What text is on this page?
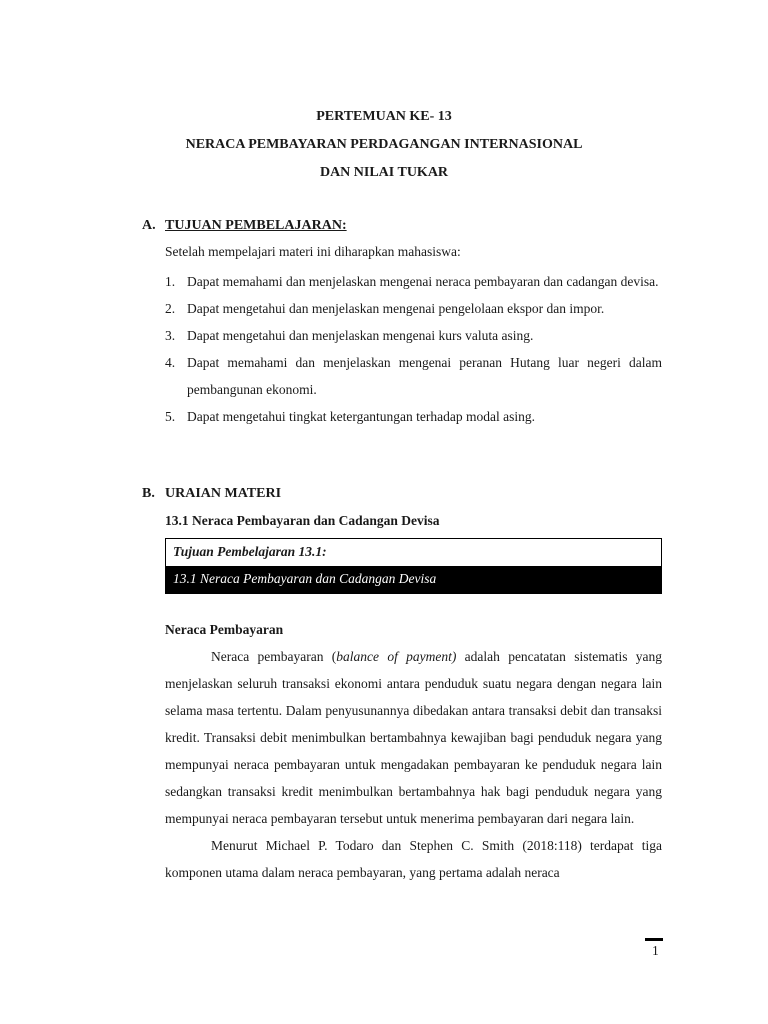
PERTEMUAN KE- 13
NERACA PEMBAYARAN PERDAGANGAN INTERNASIONAL
DAN NILAI TUKAR
A. TUJUAN PEMBELAJARAN:
Setelah mempelajari materi ini diharapkan mahasiswa:
1. Dapat memahami dan menjelaskan mengenai neraca pembayaran dan cadangan devisa.
2. Dapat mengetahui dan menjelaskan mengenai pengelolaan ekspor dan impor.
3. Dapat mengetahui dan menjelaskan mengenai kurs valuta asing.
4. Dapat memahami dan menjelaskan mengenai peranan Hutang luar negeri dalam pembangunan ekonomi.
5. Dapat mengetahui tingkat ketergantungan terhadap modal asing.
B. URAIAN MATERI
13.1 Neraca Pembayaran dan Cadangan Devisa
Tujuan Pembelajaran 13.1:
13.1 Neraca Pembayaran dan Cadangan Devisa
Neraca Pembayaran

Neraca pembayaran (balance of payment) adalah pencatatan sistematis yang menjelaskan seluruh transaksi ekonomi antara penduduk suatu negara dengan negara lain selama masa tertentu. Dalam penyusunannya dibedakan antara transaksi debit dan transaksi kredit. Transaksi debit menimbulkan bertambahnya kewajiban bagi penduduk negara yang mempunyai neraca pembayaran untuk mengadakan pembayaran ke penduduk negara lain sedangkan transaksi kredit menimbulkan bertambahnya hak bagi penduduk negara yang mempunyai neraca pembayaran tersebut untuk menerima pembayaran dari negara lain.

Menurut Michael P. Todaro dan Stephen C. Smith (2018:118) terdapat tiga komponen utama dalam neraca pembayaran, yang pertama adalah neraca

1
